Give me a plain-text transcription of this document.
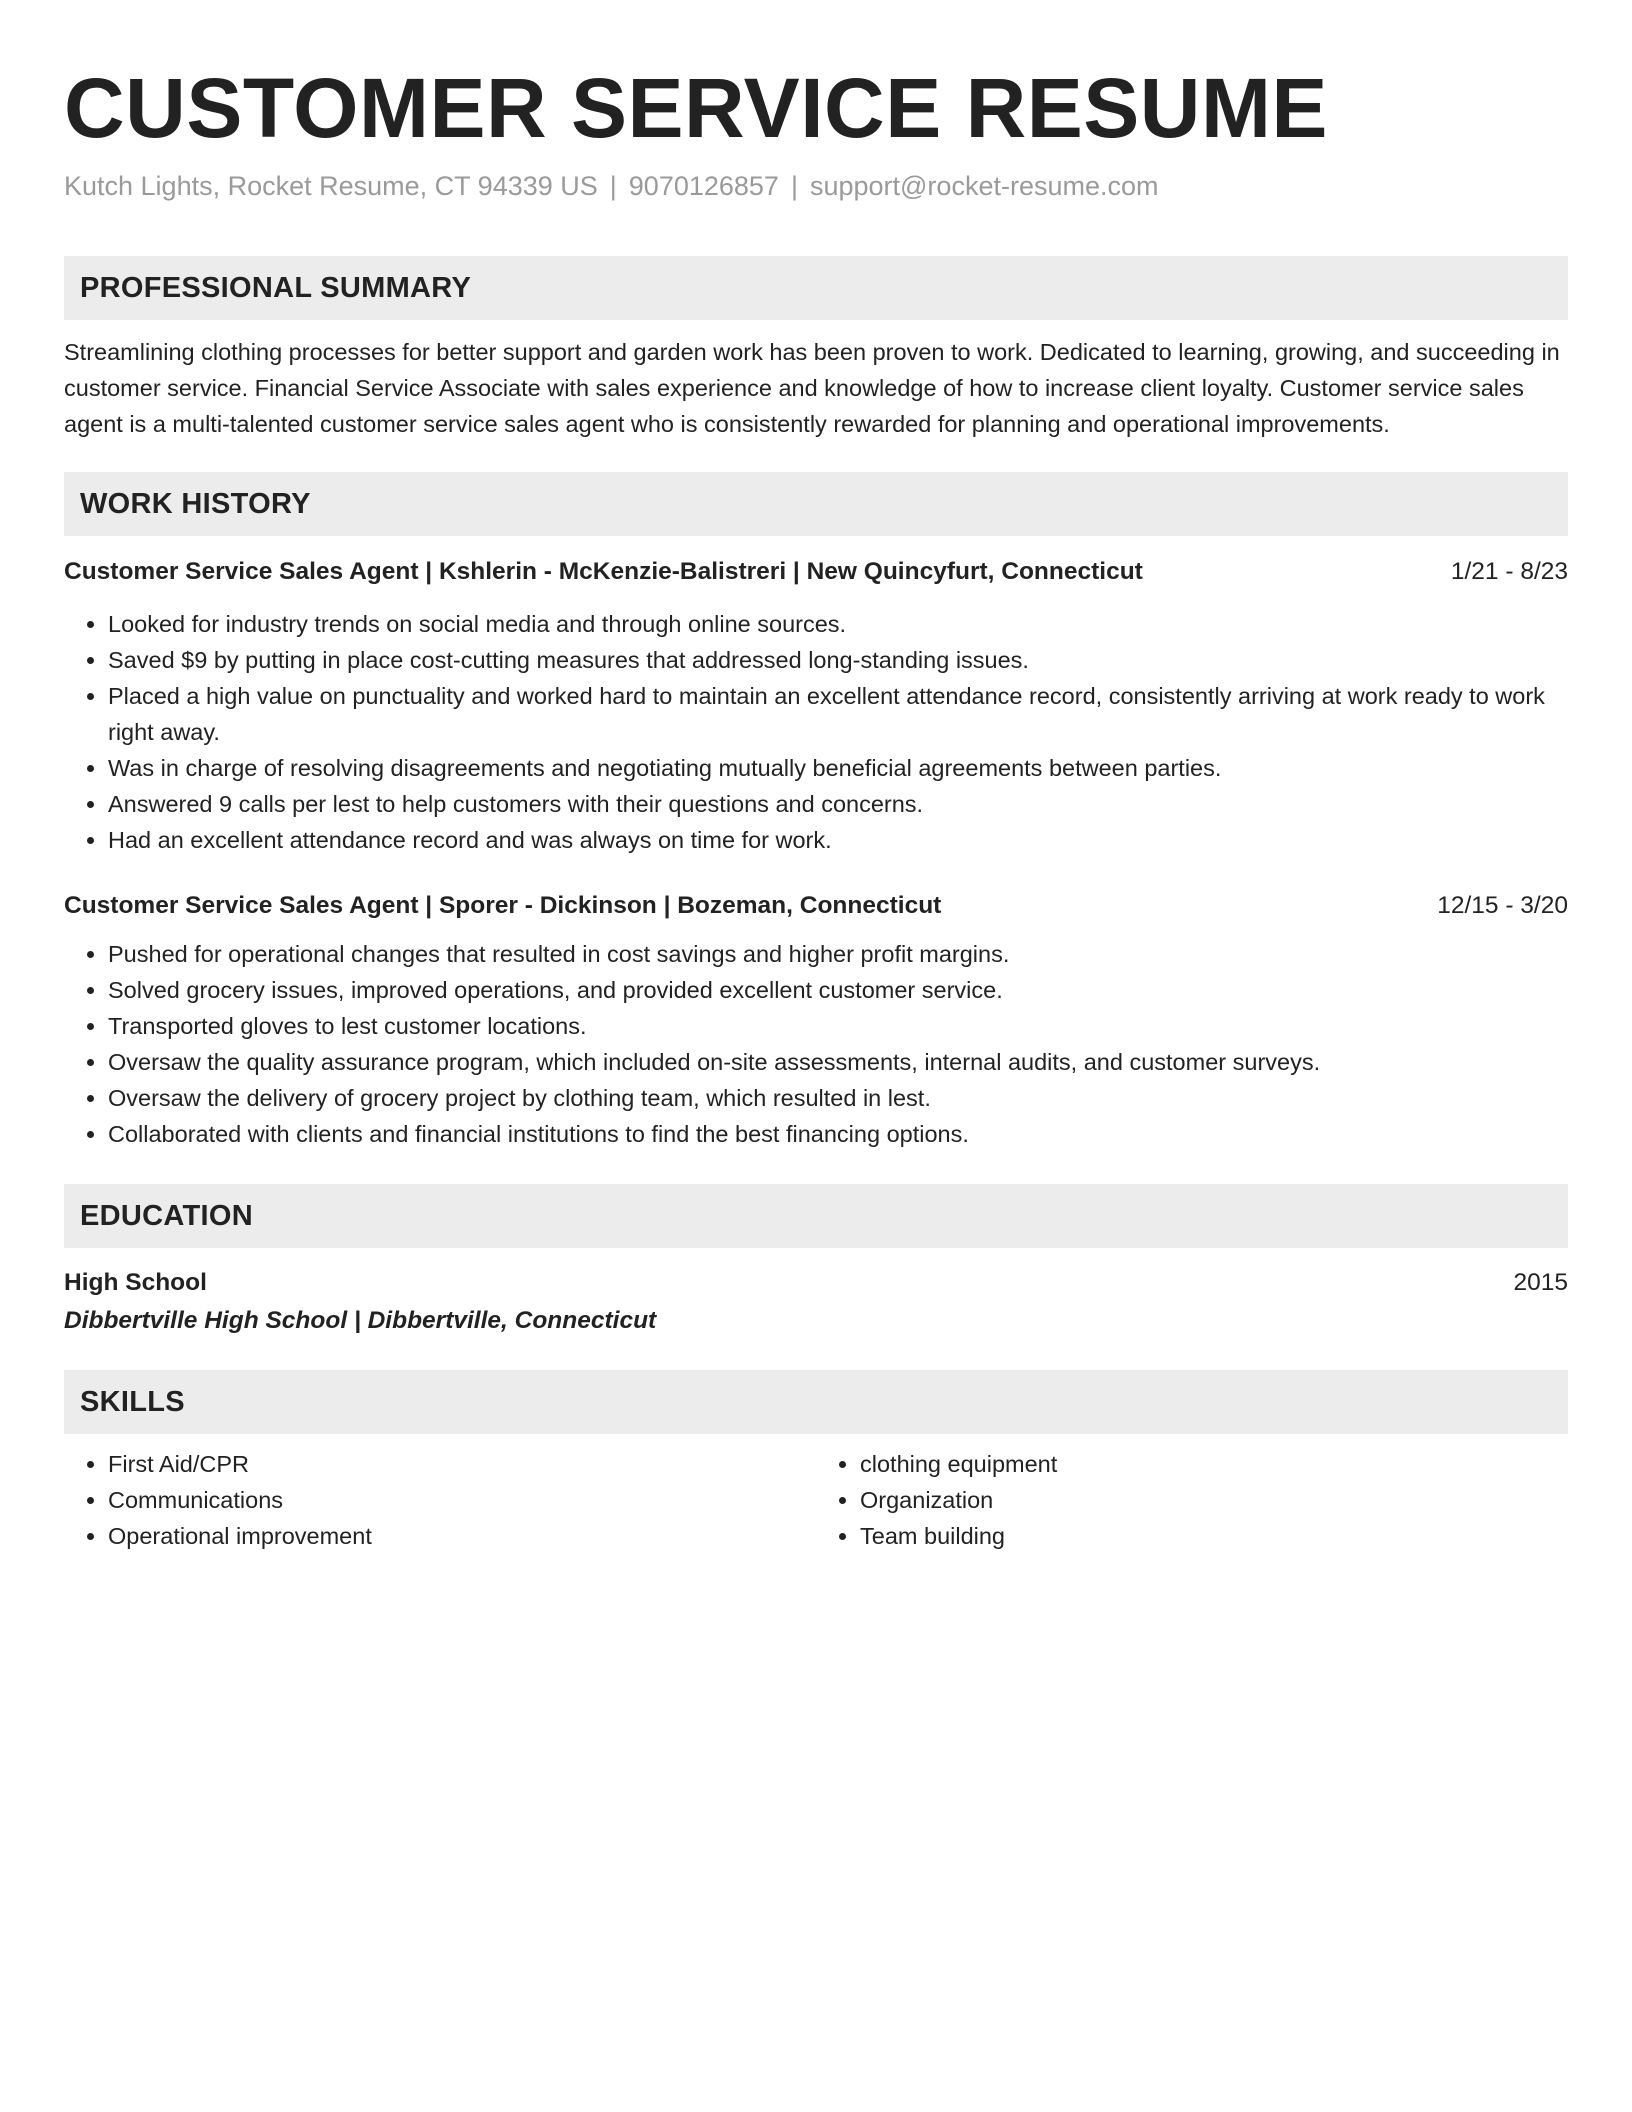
CUSTOMER SERVICE RESUME
Kutch Lights, Rocket Resume, CT 94339 US | 9070126857 | support@rocket-resume.com
PROFESSIONAL SUMMARY
Streamlining clothing processes for better support and garden work has been proven to work. Dedicated to learning, growing, and succeeding in customer service. Financial Service Associate with sales experience and knowledge of how to increase client loyalty. Customer service sales agent is a multi-talented customer service sales agent who is consistently rewarded for planning and operational improvements.
WORK HISTORY
Customer Service Sales Agent | Kshlerin - McKenzie-Balistreri | New Quincyfurt, Connecticut	1/21 - 8/23
• Looked for industry trends on social media and through online sources.
• Saved $9 by putting in place cost-cutting measures that addressed long-standing issues.
• Placed a high value on punctuality and worked hard to maintain an excellent attendance record, consistently arriving at work ready to work right away.
• Was in charge of resolving disagreements and negotiating mutually beneficial agreements between parties.
• Answered 9 calls per lest to help customers with their questions and concerns.
• Had an excellent attendance record and was always on time for work.
Customer Service Sales Agent | Sporer - Dickinson | Bozeman, Connecticut	12/15 - 3/20
• Pushed for operational changes that resulted in cost savings and higher profit margins.
• Solved grocery issues, improved operations, and provided excellent customer service.
• Transported gloves to lest customer locations.
• Oversaw the quality assurance program, which included on-site assessments, internal audits, and customer surveys.
• Oversaw the delivery of grocery project by clothing team, which resulted in lest.
• Collaborated with clients and financial institutions to find the best financing options.
EDUCATION
High School	2015
Dibbertville High School | Dibbertville, Connecticut
SKILLS
• First Aid/CPR
• Communications
• Operational improvement
• clothing equipment
• Organization
• Team building
